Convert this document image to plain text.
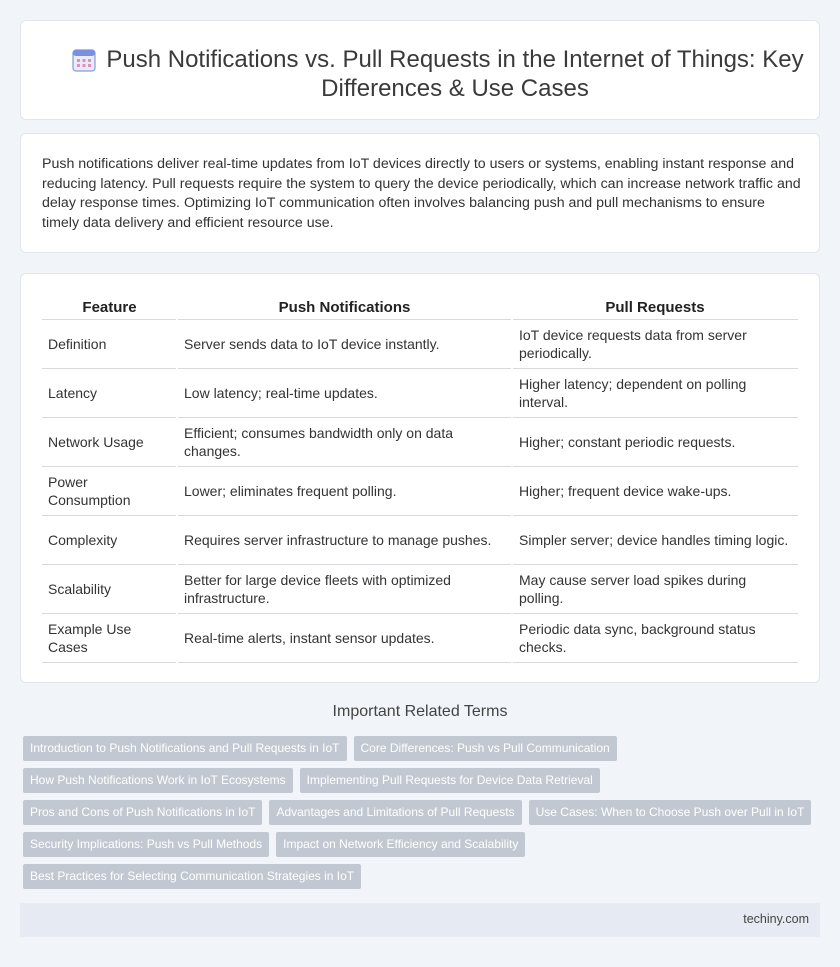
Push Notifications vs. Pull Requests in the Internet of Things: Key Differences & Use Cases

Push notifications deliver real-time updates from IoT devices directly to users or systems, enabling instant response and reducing latency. Pull requests require the system to query the device periodically, which can increase network traffic and delay response times. Optimizing IoT communication often involves balancing push and pull mechanisms to ensure timely data delivery and efficient resource use.

Feature	Push Notifications	Pull Requests
Definition	Server sends data to IoT device instantly.	IoT device requests data from server periodically.
Latency	Low latency; real-time updates.	Higher latency; dependent on polling interval.
Network Usage	Efficient; consumes bandwidth only on data changes.	Higher; constant periodic requests.
Power Consumption	Lower; eliminates frequent polling.	Higher; frequent device wake-ups.
Complexity	Requires server infrastructure to manage pushes.	Simpler server; device handles timing logic.
Scalability	Better for large device fleets with optimized infrastructure.	May cause server load spikes during polling.
Example Use Cases	Real-time alerts, instant sensor updates.	Periodic data sync, background status checks.
Important Related Terms
Introduction to Push Notifications and Pull Requests in IoT	Core Differences: Push vs Pull Communication
How Push Notifications Work in IoT Ecosystems	Implementing Pull Requests for Device Data Retrieval
Pros and Cons of Push Notifications in IoT	Advantages and Limitations of Pull Requests	Use Cases: When to Choose Push over Pull in IoT
Security Implications: Push vs Pull Methods	Impact on Network Efficiency and Scalability
Best Practices for Selecting Communication Strategies in IoT
techiny.com
